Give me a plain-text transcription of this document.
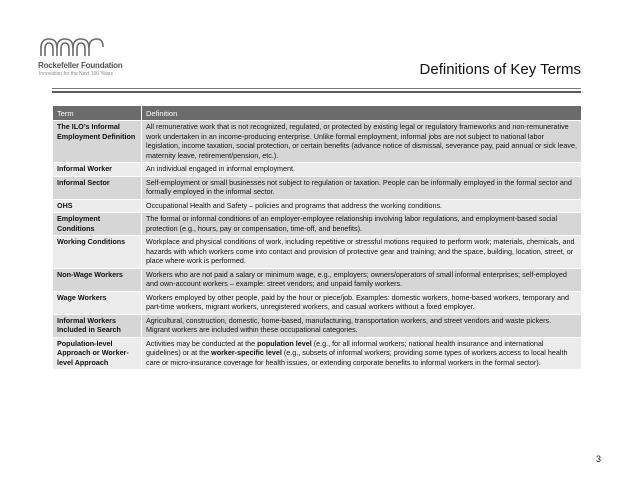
Rockefeller Foundation
Innovation for the Next 100 Years	Definitions of Key Terms
Term	Definition
The ILO’s Informal Employment Definition	All remunerative work that is not recognized, regulated, or protected by existing legal or regulatory frameworks and non-remunerative work undertaken in an income-producing enterprise. Unlike formal employment, informal jobs are not subject to national labor legislation, income taxation, social protection, or certain benefits (advance notice of dismissal, severance pay, paid annual or sick leave, maternity leave, retirement/pension, etc.).
Informal Worker	An individual engaged in informal employment.
Informal Sector	Self-employment or small businesses not subject to regulation or taxation. People can be informally employed in the formal sector and formally employed in the informal sector.
OHS	Occupational Health and Safety – policies and programs that address the working conditions.
Employment Conditions	The formal or informal conditions of an employer-employee relationship involving labor regulations, and employment-based social protection (e.g., hours, pay or compensation, time-off, and benefits).
Working Conditions	Workplace and physical conditions of work, including repetitive or stressful motions required to perform work; materials, chemicals, and hazards with which workers come into contact and provision of protective gear and training; and the space, building, location, street, or place where work is performed.
Non-Wage Workers	Workers who are not paid a salary or minimum wage, e.g., employers; owners/operators of small informal enterprises; self-employed and own-account workers – example: street vendors; and unpaid family workers.
Wage Workers	Workers employed by other people, paid by the hour or piece/job. Examples: domestic workers, home-based workers, temporary and part-time workers, migrant workers, unregistered workers, and casual workers without a fixed employer.
Informal Workers Included in Search	Agricultural, construction, domestic, home-based, manufacturing, transportation workers, and street vendors and waste pickers. Migrant workers are included within these occupational categories.
Population-level Approach or Worker-level Approach	Activities may be conducted at the population level (e.g., for all informal workers; national health insurance and international guidelines) or at the worker-specific level (e.g., subsets of informal workers; providing some types of workers access to local health care or micro-insurance coverage for health issues, or extending corporate benefits to informal workers in the formal sector).
3
